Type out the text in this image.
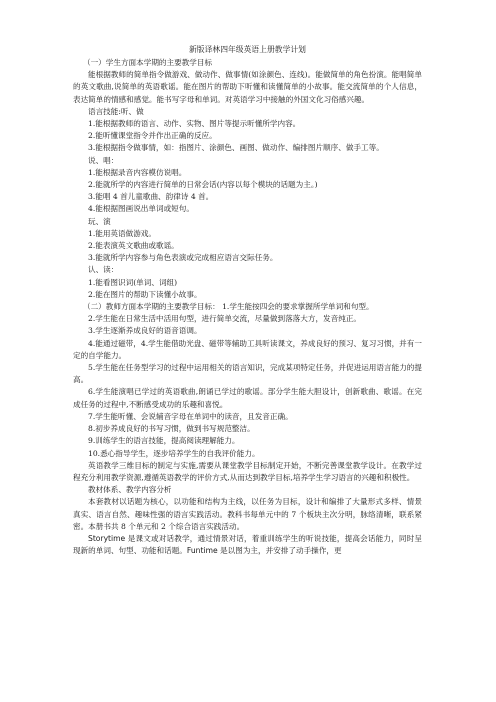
新版译林四年级英语上册教学计划

（一）学生方面本学期的主要教学目标

能根据教师的简单指令做游戏、做动作、做事情(如涂颜色、连线)。能做简单的角色扮演。能唱简单的英文歌曲,说简单的英语歌谣。能在图片的帮助下听懂和读懂简单的小故事。能交流简单的个人信息，表达简单的情感和感觉。能书写字母和单词。对英语学习中接触的外国文化习俗感兴趣。

语言技能:听、做

1.能根据教师的语言、动作、实物、图片等提示听懂所学内容。

2.能听懂课堂指令并作出正确的反应。

3.能根据指令做事情，如：指图片、涂颜色、画图、做动作、编排图片顺序、做手工等。

说、唱：

1.能根据录音内容模仿说唱。

2.能就所学的内容进行简单的日常会话(内容以每个模块的话题为主。)

3.能唱 4 首儿童歌曲、韵律诗 4 首。

4.能根据图画说出单词或短句。

玩、演

1.能用英语做游戏。

2.能表演英文歌曲或歌谣。

3.能就所学内容参与角色表演或完成相应语言交际任务。

认、读：

1.能看图识词(单词、词组)

2.能在图片的帮助下读懂小故事。

（二）教师方面本学期的主要教学目标： 1.学生能按四会的要求掌握所学单词和句型。

2.学生能在日常生活中活用句型，进行简单交流，尽量做到落落大方，发音纯正。

3.学生逐渐养成良好的语音语调。

4.能通过磁带，4.学生能借助光盘、磁带等辅助工具听读课文，养成良好的预习、复习习惯，并有一定的自学能力。

5.学生能在任务型学习的过程中运用相关的语言知识，完成某项特定任务，并促进运用语言能力的提高。

6.学生能演唱已学过的英语歌曲,朗诵已学过的歌谣。部分学生能大胆设计，创新歌曲、歌谣。在完成任务的过程中,不断感受成功的乐趣和喜悦。

7.学生能听懂、会说辅音字母在单词中的读音，且发音正确。

8.初步养成良好的书写习惯，做到书写规范整洁。

9.训练学生的语言技能，提高阅读理解能力。

10.悉心指导学生，逐步培养学生的自我评价能力。

英语教学三维目标的制定与实施,需要从课堂教学目标制定开始，不断完善课堂教学设计。在教学过程充分利用教学资源,遵循英语教学的评价方式,从而达到教学目标,培养学生学习语言的兴趣和积极性。

教材体系、教学内容分析

本套教材以话题为核心，以功能和结构为主线，以任务为目标，设计和编排了大量形式多样、情景真实、语言自然、趣味性强的语言实践活动。教科书每单元中的 7 个板块主次分明，脉络清晰，联系紧密。本册书共 8 个单元和 2 个综合语言实践活动。

Storytime 是课文或对话教学，通过情景对话，着重训练学生的听说技能，提高会话能力，同时呈现新的单词、句型、功能和话题。Funtime 是以图为主，并安排了动手操作，更
